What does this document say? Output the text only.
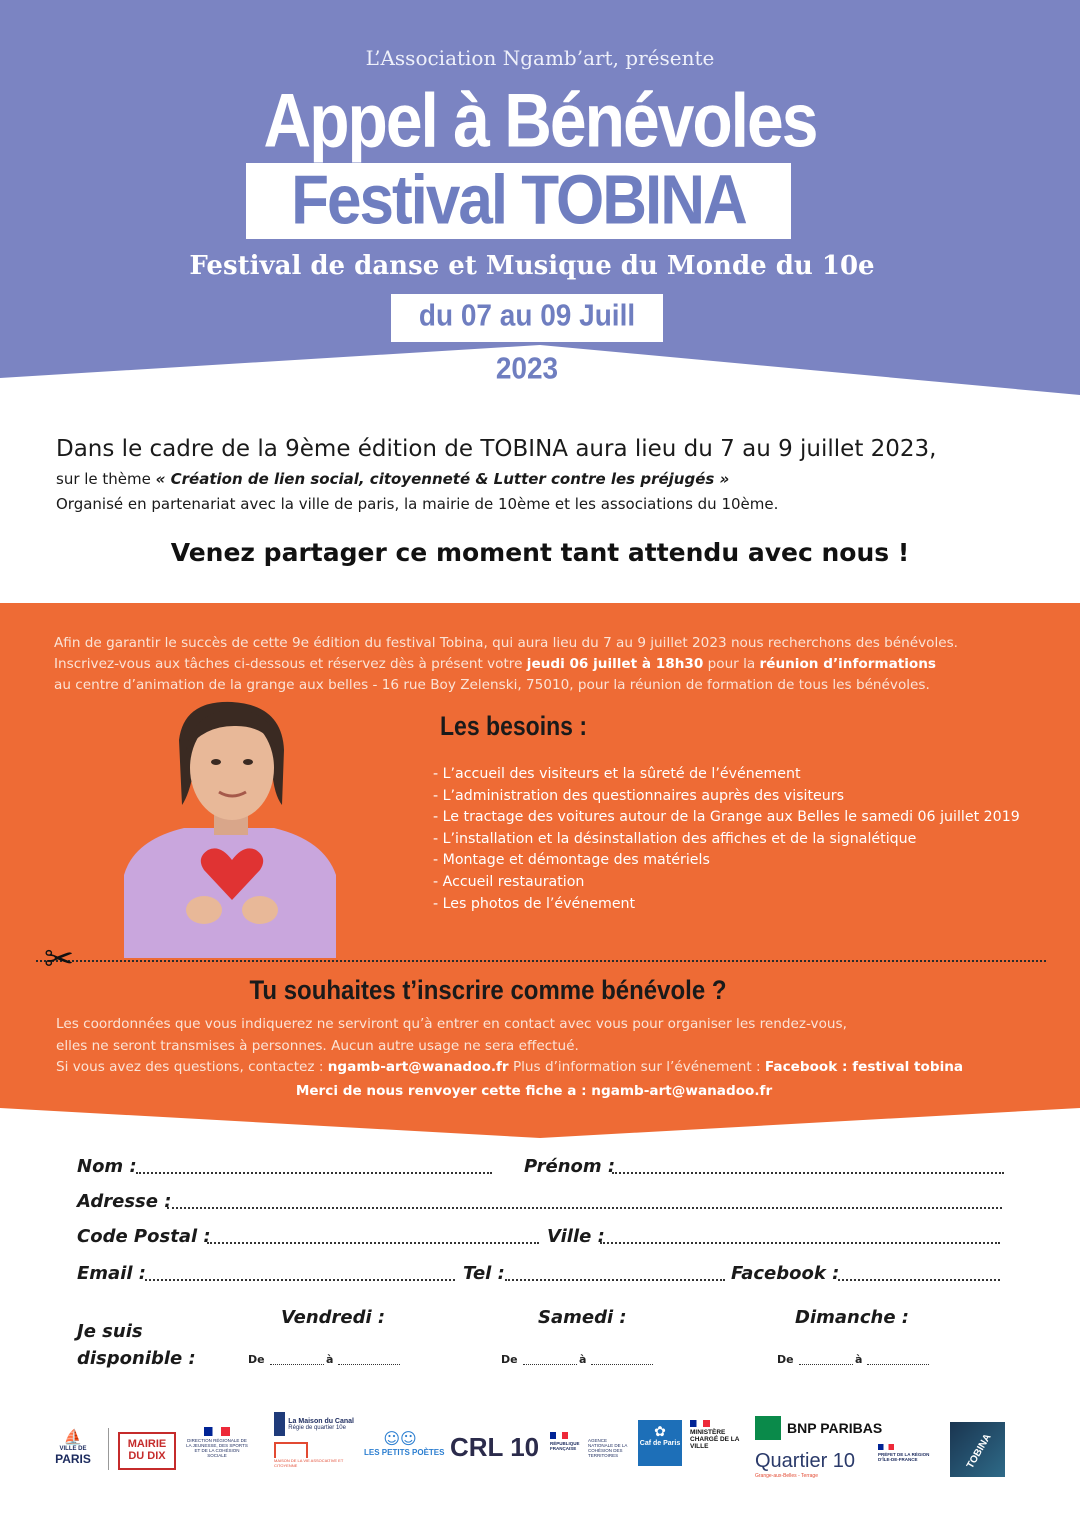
L’Association Ngamb’art, présente
Appel à Bénévoles
Festival TOBINA
Festival de danse et Musique du Monde du 10e
du 07 au 09 Juill 2023
Dans le cadre de la 9ème édition de TOBINA aura lieu du 7 au 9 juillet 2023,
sur le thème « Création de lien social, citoyenneté & Lutter contre les préjugés »
Organisé en partenariat avec la ville de paris, la mairie de 10ème et les associations du 10ème.
Venez partager ce moment tant attendu avec nous !
Afin de garantir le succès de cette 9e édition du festival Tobina, qui aura lieu du 7 au 9 juillet 2023 nous recherchons des bénévoles.
Inscrivez-vous aux tâches ci-dessous et réservez dès à présent votre jeudi 06 juillet à 18h30 pour la réunion d’informations
au centre d’animation de la grange aux belles - 16 rue Boy Zelenski, 75010, pour la réunion de formation de tous les bénévoles.
Les besoins :
- L’accueil des visiteurs et la sûreté de l’événement
- L’administration des questionnaires auprès des visiteurs
- Le tractage des voitures autour de la Grange aux Belles le samedi 06 juillet 2019
- L’installation et la désinstallation des affiches et de la signalétique
- Montage et démontage des matériels
- Accueil restauration
- Les photos de l’événement
✂
Tu souhaites t’inscrire comme bénévole ?
Les coordonnées que vous indiquerez ne serviront qu’à entrer en contact avec vous pour organiser les rendez-vous,
elles ne seront transmises à personnes. Aucun autre usage ne sera effectué.
Si vous avez des questions, contactez : ngamb-art@wanadoo.fr Plus d’information sur l’événement : Facebook : festival tobina
Merci de nous renvoyer cette fiche a : ngamb-art@wanadoo.fr
Nom :	Prénom :
Adresse :
Code Postal :	Ville :
Email :	Tel :	Facebook :
Je suis
disponible :
Vendredi :	Samedi :	Dimanche :
De	à	De	à	De	à
⛵
VILLE DE
PARIS
MAIRIE
DU DIX
DIRECTION RÉGIONALE DE LA JEUNESSE, DES SPORTS ET DE LA COHÉSION SOCIALE
La Maison du Canal
Régie de quartier 10e
MAISON DE LA VIE ASSOCIATIVE ET CITOYENNE
☺☺
LES PETITS POÈTES CRL 10 RÉPUBLIQUE FRANÇAISE
AGENCE NATIONALE DE LA COHÉSION DES TERRITOIRES
✿
Caf de Paris
MINISTÈRE CHARGÉ DE LA VILLE
BNP PARIBAS
Quartier 10
Grange-aux-Belles - Terrage
PRÉFET DE LA RÉGION D’ÎLE-DE-FRANCE	TOBINA
